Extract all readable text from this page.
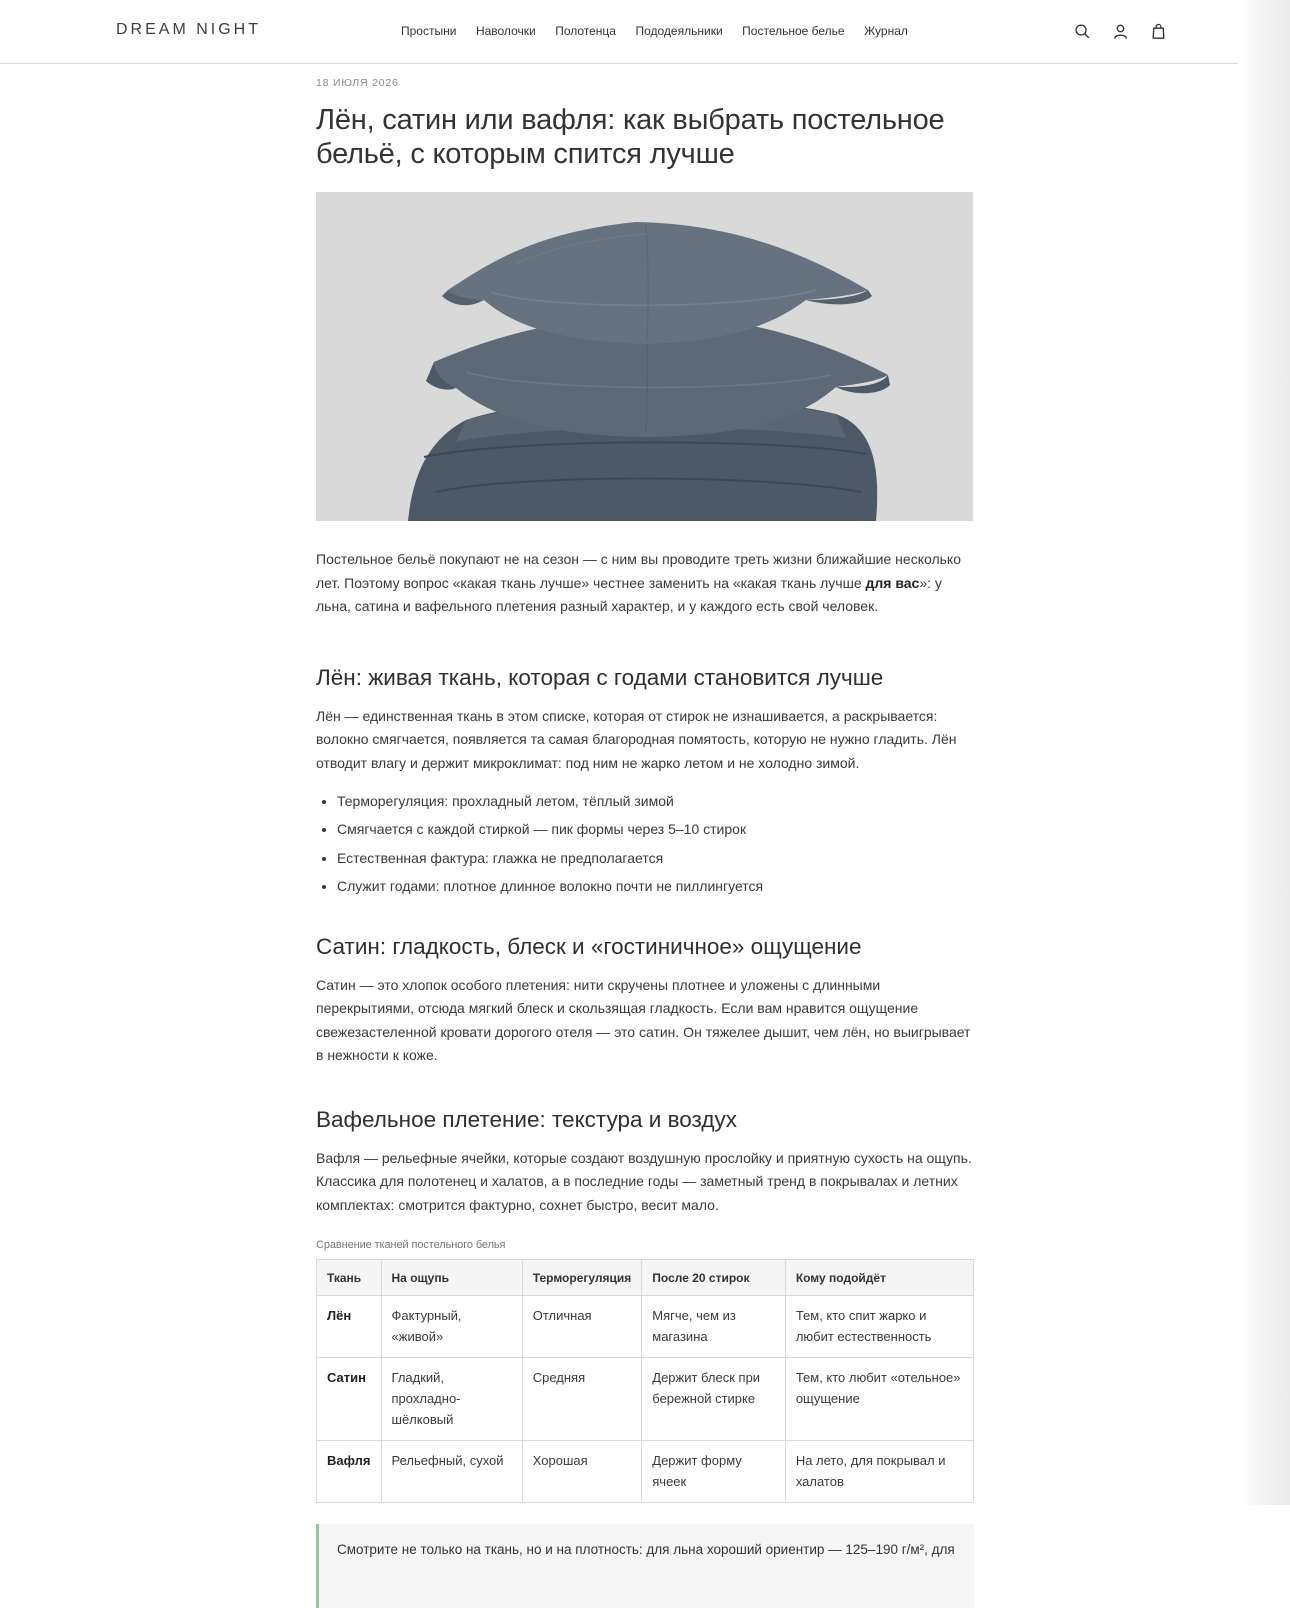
DREAM NIGHT	Простыни Наволочки Полотенца Пододеяльники Постельное белье Журнал
18 ИЮЛЯ 2026
Лён, сатин или вафля: как выбрать постельное бельё, с которым спится лучше

Постельное бельё покупают не на сезон — с ним вы проводите треть жизни ближайшие несколько лет. Поэтому вопрос «какая ткань лучше» честнее заменить на «какая ткань лучше для вас»: у льна, сатина и вафельного плетения разный характер, и у каждого есть свой человек.

Лён: живая ткань, которая с годами становится лучше

Лён — единственная ткань в этом списке, которая от стирок не изнашивается, а раскрывается: волокно смягчается, появляется та самая благородная помятость, которую не нужно гладить. Лён отводит влагу и держит микроклимат: под ним не жарко летом и не холодно зимой.

• Терморегуляция: прохладный летом, тёплый зимой
• Смягчается с каждой стиркой — пик формы через 5–10 стирок
• Естественная фактура: глажка не предполагается
• Служит годами: плотное длинное волокно почти не пиллингуется
Сатин: гладкость, блеск и «гостиничное» ощущение

Сатин — это хлопок особого плетения: нити скручены плотнее и уложены с длинными перекрытиями, отсюда мягкий блеск и скользящая гладкость. Если вам нравится ощущение свежезастеленной кровати дорогого отеля — это сатин. Он тяжелее дышит, чем лён, но выигрывает в нежности к коже.

Вафельное плетение: текстура и воздух

Вафля — рельефные ячейки, которые создают воздушную прослойку и приятную сухость на ощупь. Классика для полотенец и халатов, а в последние годы — заметный тренд в покрывалах и летних комплектах: смотрится фактурно, сохнет быстро, весит мало.

Сравнение тканей постельного белья
Ткань	На ощупь	Терморегуляция	После 20 стирок	Кому подойдёт
Лён	Фактурный, «живой»	Отличная	Мягче, чем из магазина	Тем, кто спит жарко и любит естественность
Сатин	Гладкий, прохладно-шёлковый	Средняя	Держит блеск при бережной стирке	Тем, кто любит «отельное» ощущение
Вафля	Рельефный, сухой	Хорошая	Держит форму ячеек	На лето, для покрывал и халатов
Смотрите не только на ткань, но и на плотность: для льна хороший ориентир — 125–190 г/м², для
